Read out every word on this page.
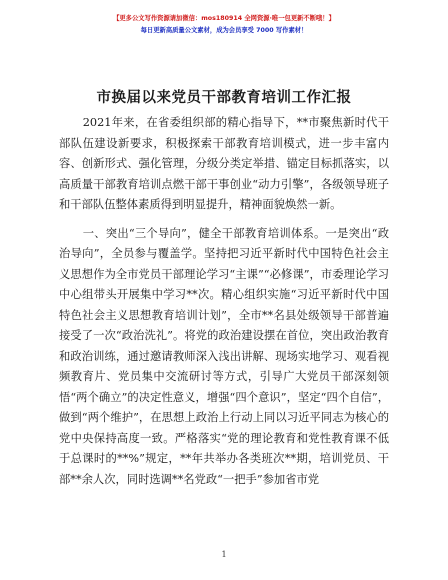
【更多公文写作资源请加微信：mos180914 全网资源·唯一包更新不断哦！】
每日更新高质量公文素材，成为会员享受 7000 写作素材！
市换届以来党员干部教育培训工作汇报

2021年来，在省委组织部的精心指导下，**市聚焦新时代干部队伍建设新要求，积极探索干部教育培训模式，进一步丰富内容、创新形式、强化管理，分级分类定举措、锚定目标抓落实，以高质量干部教育培训点燃干部干事创业“动力引擎”，各级领导班子和干部队伍整体素质得到明显提升，精神面貌焕然一新。

一、突出“三个导向”，健全干部教育培训体系。一是突出“政治导向”，全员参与覆盖学。坚持把习近平新时代中国特色社会主义思想作为全市党员干部理论学习“主课”“必修课”，市委理论学习中心组带头开展集中学习**次。精心组织实施“习近平新时代中国特色社会主义思想教育培训计划”，全市**名县处级领导干部普遍接受了一次“政治洗礼”。将党的政治建设摆在首位，突出政治教育和政治训练，通过邀请教师深入浅出讲解、现场实地学习、观看视频教育片、党员集中交流研讨等方式，引导广大党员干部深刻领悟“两个确立”的决定性意义，增强“四个意识”，坚定“四个自信”，做到“两个维护”，在思想上政治上行动上同以习近平同志为核心的党中央保持高度一致。严格落实“党的理论教育和党性教育课不低于总课时的**%”规定，**年共举办各类班次**期，培训党员、干部**余人次，同时选调**名党政“一把手”参加省市党

1
